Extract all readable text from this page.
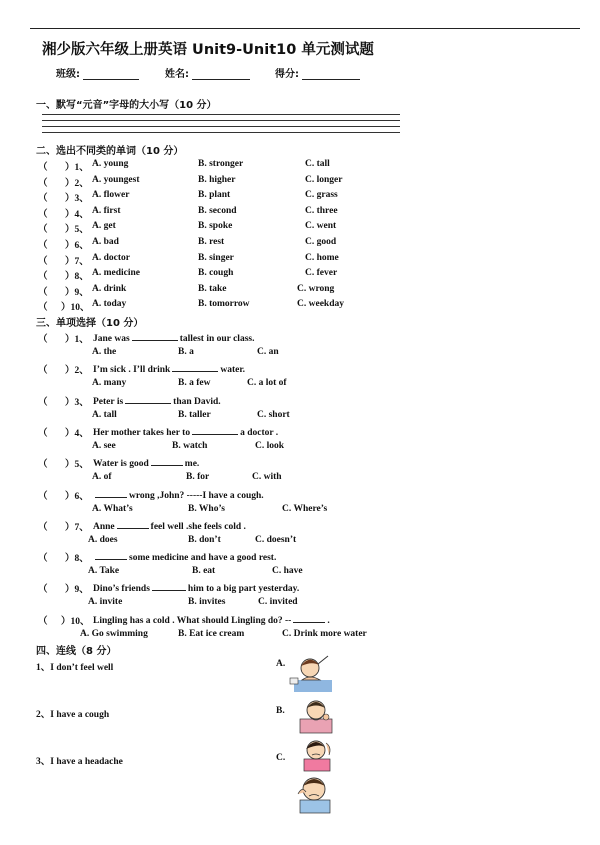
湘少版六年级上册英语 Unit9-Unit10 单元测试题
班级:	姓名:	得分:
一、默写“元音”字母的大小写（10 分）
二、选出不同类的单词（10 分）
（ ）1、 A. young	B. stronger	C. tall
（ ）2、 A. youngest	B. higher	C. longer
（ ）3、 A. flower	B. plant	C. grass
（ ）4、 A. first	B. second	C. three
（ ）5、 A. get	B. spoke	C. went
（ ）6、 A. bad	B. rest	C. good
（ ）7、 A. doctor	B. singer	C. home
（ ）8、 A. medicine	B. cough	C. fever
（ ）9、 A. drink	B. take	C. wrong
（ ）10、 A. today	B. tomorrow	C. weekday
三、单项选择（10 分）
（ ）1、 Jane was	tallest in our class.
A. the	B. a	C. an
（ ）2、 I’m sick . I’ll drink	water.
A. many	B. a few	C. a lot of
（ ）3、 Peter is	than David.
A. tall	B. taller	C. short
（ ）4、 Her mother takes her to	a doctor .
A. see	B. watch	C. look
（ ）5、 Water is good	me.
A. of	B. for	C. with
（ ）6、	wrong ,John? -----I have a cough.
A. What’s	B. Who’s	C. Where’s
（ ）7、 Anne	feel well .she feels cold .
A. does	B. don’t	C. doesn’t
（ ）8、	some medicine and have a good rest.
A. Take	B. eat	C. have
（ ）9、 Dino’s friends	him to a big part yesterday.
A. invite	B. invites	C. invited
（ ）10、 Lingling has a cold . What should Lingling do? --	.
A. Go swimming	B. Eat ice cream	C. Drink more water
四、连线（8 分）
1、I don’t feel well
2、I have a cough
3、I have a headache
A.
B.
C.
